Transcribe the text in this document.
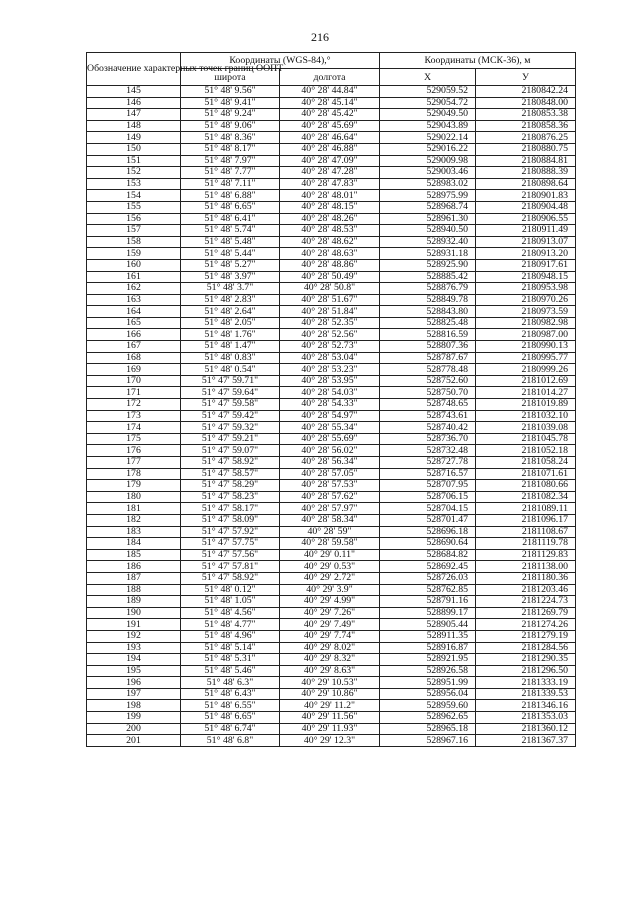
216
Обозначение характерных точек границ ООПТ	Координаты (WGS-84),°		Координаты (МСК-36), м	
	широта	долгота	X	У
145	51° 48' 9.56"	40° 28' 44.84"	529059.52	2180842.24
146	51° 48' 9.41"	40° 28' 45.14"	529054.72	2180848.00
147	51° 48' 9.24"	40° 28' 45.42"	529049.50	2180853.38
148	51° 48' 9.06"	40° 28' 45.69"	529043.89	2180858.36
149	51° 48' 8.36"	40° 28' 46.64"	529022.14	2180876.25
150	51° 48' 8.17"	40° 28' 46.88"	529016.22	2180880.75
151	51° 48' 7.97"	40° 28' 47.09"	529009.98	2180884.81
152	51° 48' 7.77"	40° 28' 47.28"	529003.46	2180888.39
153	51° 48' 7.11"	40° 28' 47.83"	528983.02	2180898.64
154	51° 48' 6.88"	40° 28' 48.01"	528975.99	2180901.83
155	51° 48' 6.65"	40° 28' 48.15"	528968.74	2180904.48
156	51° 48' 6.41"	40° 28' 48.26"	528961.30	2180906.55
157	51° 48' 5.74"	40° 28' 48.53"	528940.50	2180911.49
158	51° 48' 5.48"	40° 28' 48.62"	528932.40	2180913.07
159	51° 48' 5.44"	40° 28' 48.63"	528931.18	2180913.20
160	51° 48' 5.27"	40° 28' 48.86"	528925.90	2180917.61
161	51° 48' 3.97"	40° 28' 50.49"	528885.42	2180948.15
162	51° 48' 3.7"	40° 28' 50.8"	528876.79	2180953.98
163	51° 48' 2.83"	40° 28' 51.67"	528849.78	2180970.26
164	51° 48' 2.64"	40° 28' 51.84"	528843.80	2180973.59
165	51° 48' 2.05"	40° 28' 52.35"	528825.48	2180982.98
166	51° 48' 1.76"	40° 28' 52.56"	528816.59	2180987.00
167	51° 48' 1.47"	40° 28' 52.73"	528807.36	2180990.13
168	51° 48' 0.83"	40° 28' 53.04"	528787.67	2180995.77
169	51° 48' 0.54"	40° 28' 53.23"	528778.48	2180999.26
170	51° 47' 59.71"	40° 28' 53.95"	528752.60	2181012.69
171	51° 47' 59.64"	40° 28' 54.03"	528750.70	2181014.27
172	51° 47' 59.58"	40° 28' 54.33"	528748.65	2181019.89
173	51° 47' 59.42"	40° 28' 54.97"	528743.61	2181032.10
174	51° 47' 59.32"	40° 28' 55.34"	528740.42	2181039.08
175	51° 47' 59.21"	40° 28' 55.69"	528736.70	2181045.78
176	51° 47' 59.07"	40° 28' 56.02"	528732.48	2181052.18
177	51° 47' 58.92"	40° 28' 56.34"	528727.78	2181058.24
178	51° 47' 58.57"	40° 28' 57.05"	528716.57	2181071.61
179	51° 47' 58.29"	40° 28' 57.53"	528707.95	2181080.66
180	51° 47' 58.23"	40° 28' 57.62"	528706.15	2181082.34
181	51° 47' 58.17"	40° 28' 57.97"	528704.15	2181089.11
182	51° 47' 58.09"	40° 28' 58.34"	528701.47	2181096.17
183	51° 47' 57.92"	40° 28' 59"	528696.18	2181108.67
184	51° 47' 57.75"	40° 28' 59.58"	528690.64	2181119.78
185	51° 47' 57.56"	40° 29' 0.11"	528684.82	2181129.83
186	51° 47' 57.81"	40° 29' 0.53"	528692.45	2181138.00
187	51° 47' 58.92"	40° 29' 2.72"	528726.03	2181180.36
188	51° 48' 0.12"	40° 29' 3.9"	528762.85	2181203.46
189	51° 48' 1.05"	40° 29' 4.99"	528791.16	2181224.73
190	51° 48' 4.56"	40° 29' 7.26"	528899.17	2181269.79
191	51° 48' 4.77"	40° 29' 7.49"	528905.44	2181274.26
192	51° 48' 4.96"	40° 29' 7.74"	528911.35	2181279.19
193	51° 48' 5.14"	40° 29' 8.02"	528916.87	2181284.56
194	51° 48' 5.31"	40° 29' 8.32"	528921.95	2181290.35
195	51° 48' 5.46"	40° 29' 8.63"	528926.58	2181296.50
196	51° 48' 6.3"	40° 29' 10.53"	528951.99	2181333.19
197	51° 48' 6.43"	40° 29' 10.86"	528956.04	2181339.53
198	51° 48' 6.55"	40° 29' 11.2"	528959.60	2181346.16
199	51° 48' 6.65"	40° 29' 11.56"	528962.65	2181353.03
200	51° 48' 6.74"	40° 29' 11.93"	528965.18	2181360.12
201	51° 48' 6.8"	40° 29' 12.3"	528967.16	2181367.37
